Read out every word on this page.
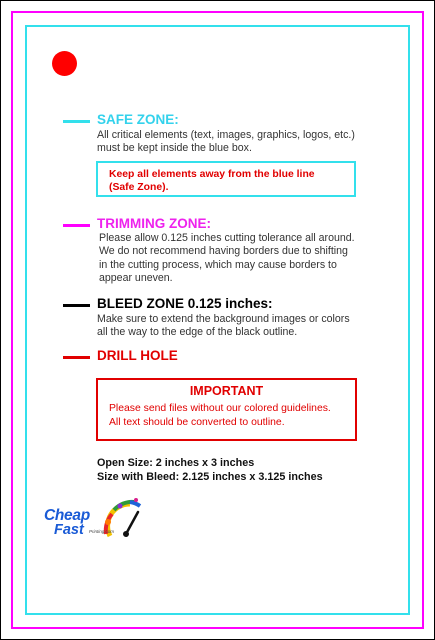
SAFE ZONE:
All critical elements (text, images, graphics, logos, etc.)
must be kept inside the blue box.
Keep all elements away from the blue line
(Safe Zone).
TRIMMING ZONE:
Please allow 0.125 inches cutting tolerance all around.
We do not recommend having borders due to shifting
in the cutting process, which may cause borders to
appear uneven.
BLEED ZONE 0.125 inches:
Make sure to extend the background images or colors
all the way to the edge of the black outline.
DRILL HOLE
IMPORTANT
Please send files without our colored guidelines.
All text should be converted to outline.
Open Size: 2 inches x 3 inches
Size with Bleed: 2.125 inches x 3.125 inches
Cheap
Fast Printing.com
